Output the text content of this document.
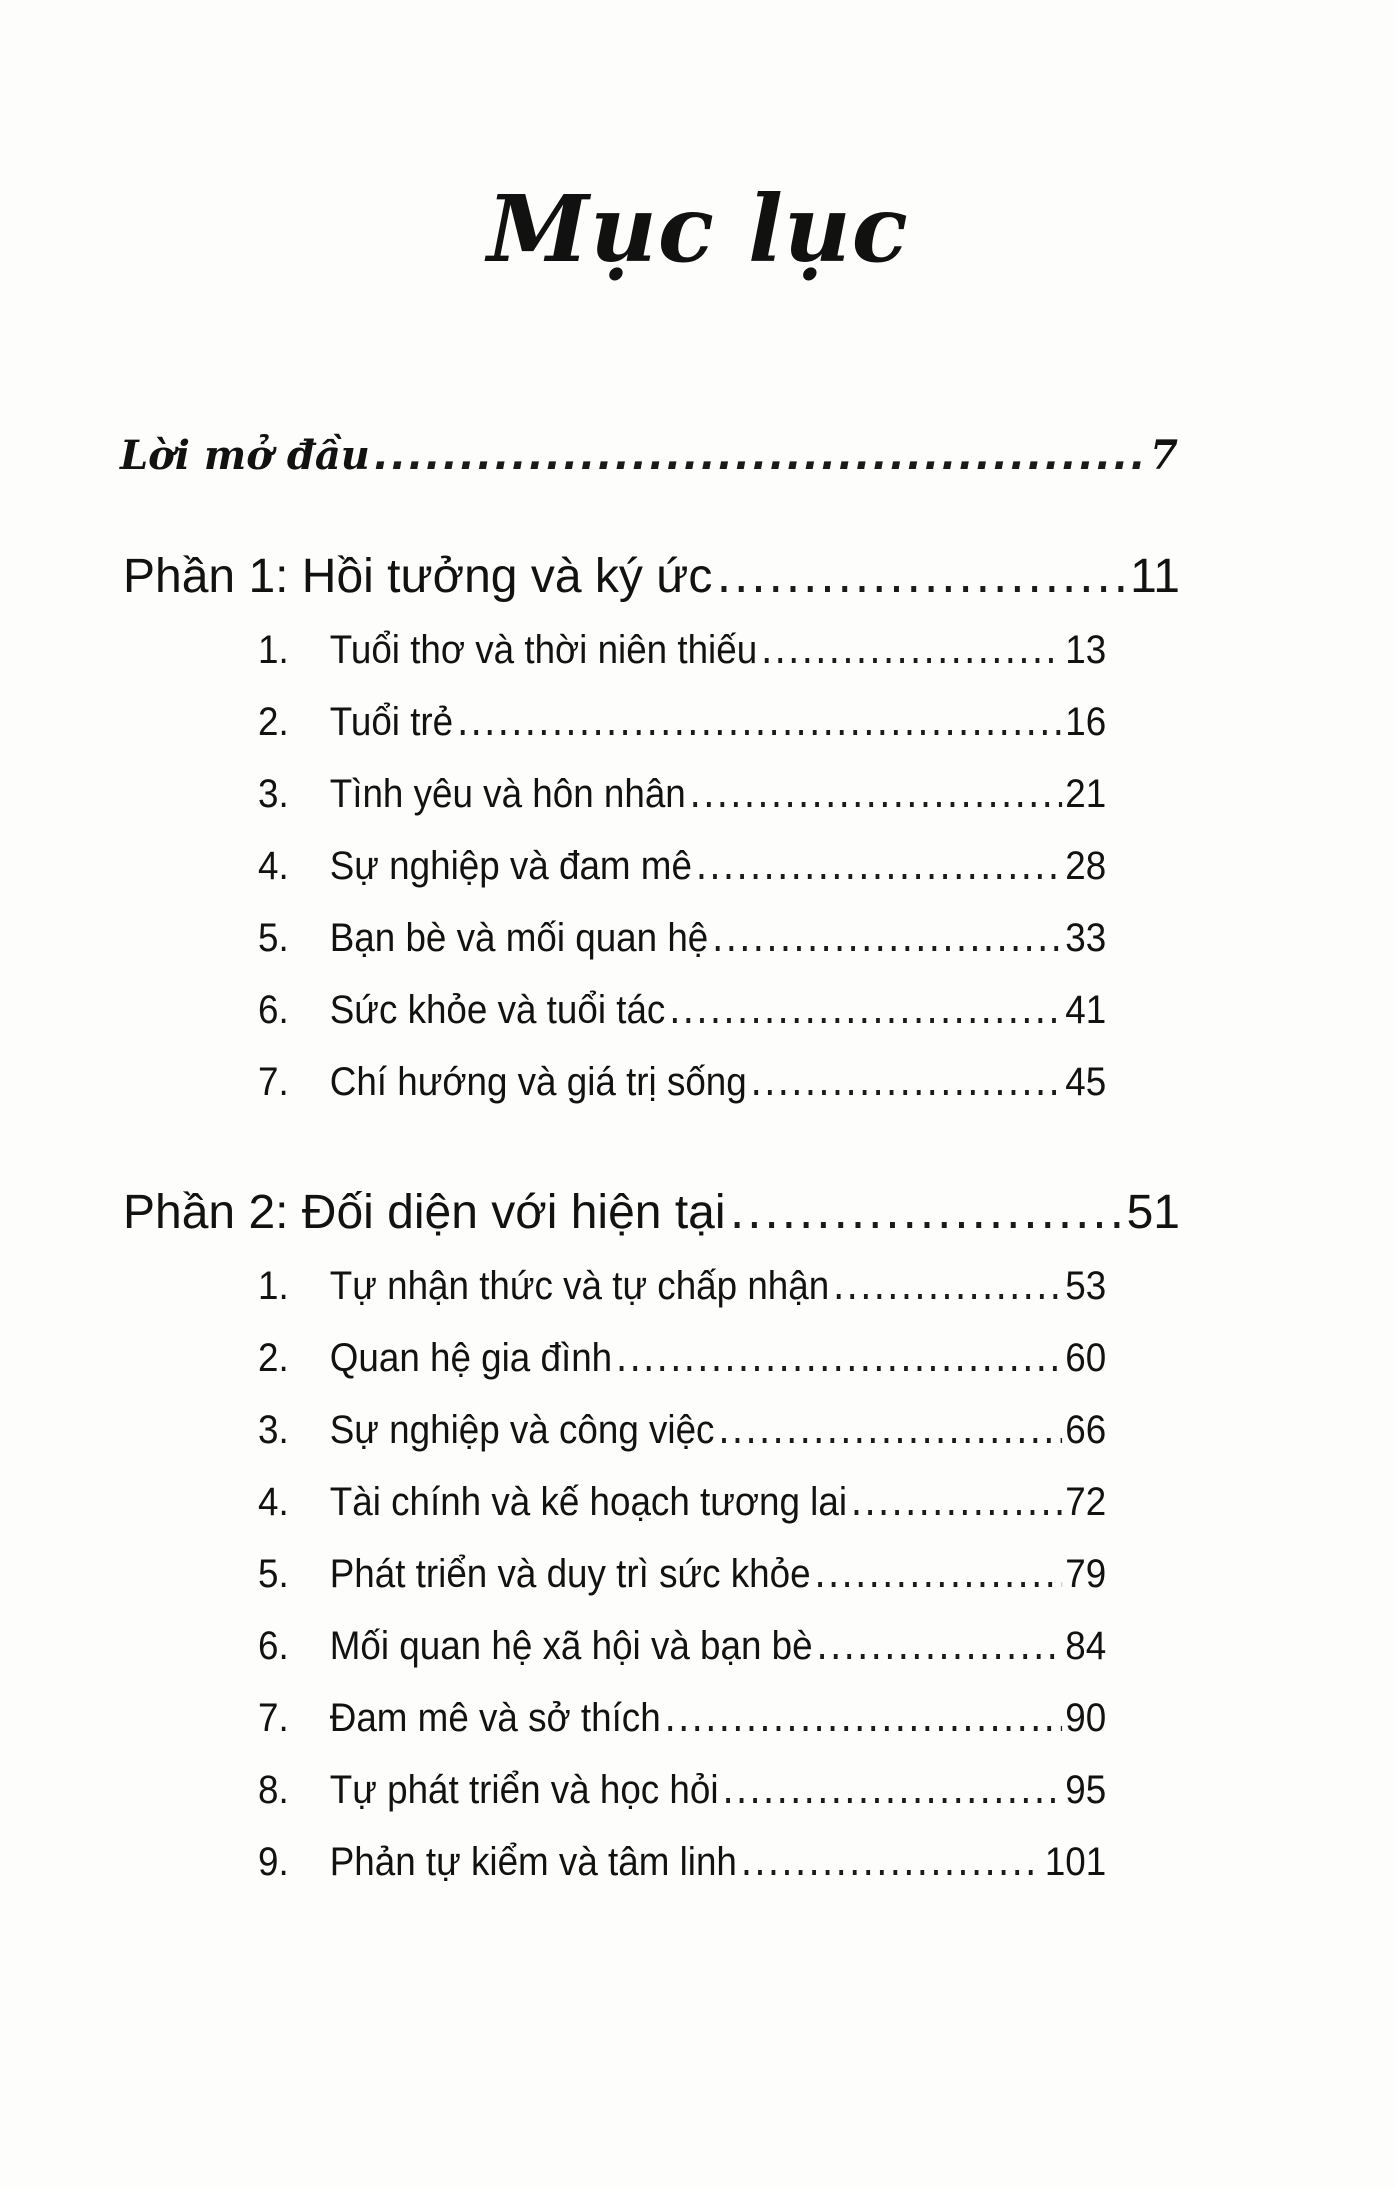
Mục lục
Lời mở đầu .....	7
Phần 1: Hồi tưởng và ký ức .....	11
1.	Tuổi thơ và thời niên thiếu .....	13
2.	Tuổi trẻ .....	16
3.	Tình yêu và hôn nhân .....	21
4.	Sự nghiệp và đam mê .....	28
5.	Bạn bè và mối quan hệ .....	33
6.	Sức khỏe và tuổi tác .....	41
7.	Chí hướng và giá trị sống .....	45
Phần 2: Đối diện với hiện tại .....	51
1.	Tự nhận thức và tự chấp nhận .....	53
2.	Quan hệ gia đình .....	60
3.	Sự nghiệp và công việc .....	66
4.	Tài chính và kế hoạch tương lai .....	72
5.	Phát triển và duy trì sức khỏe .....	79
6.	Mối quan hệ xã hội và bạn bè .....	84
7.	Đam mê và sở thích .....	90
8.	Tự phát triển và học hỏi .....	95
9.	Phản tự kiểm và tâm linh .....	101
